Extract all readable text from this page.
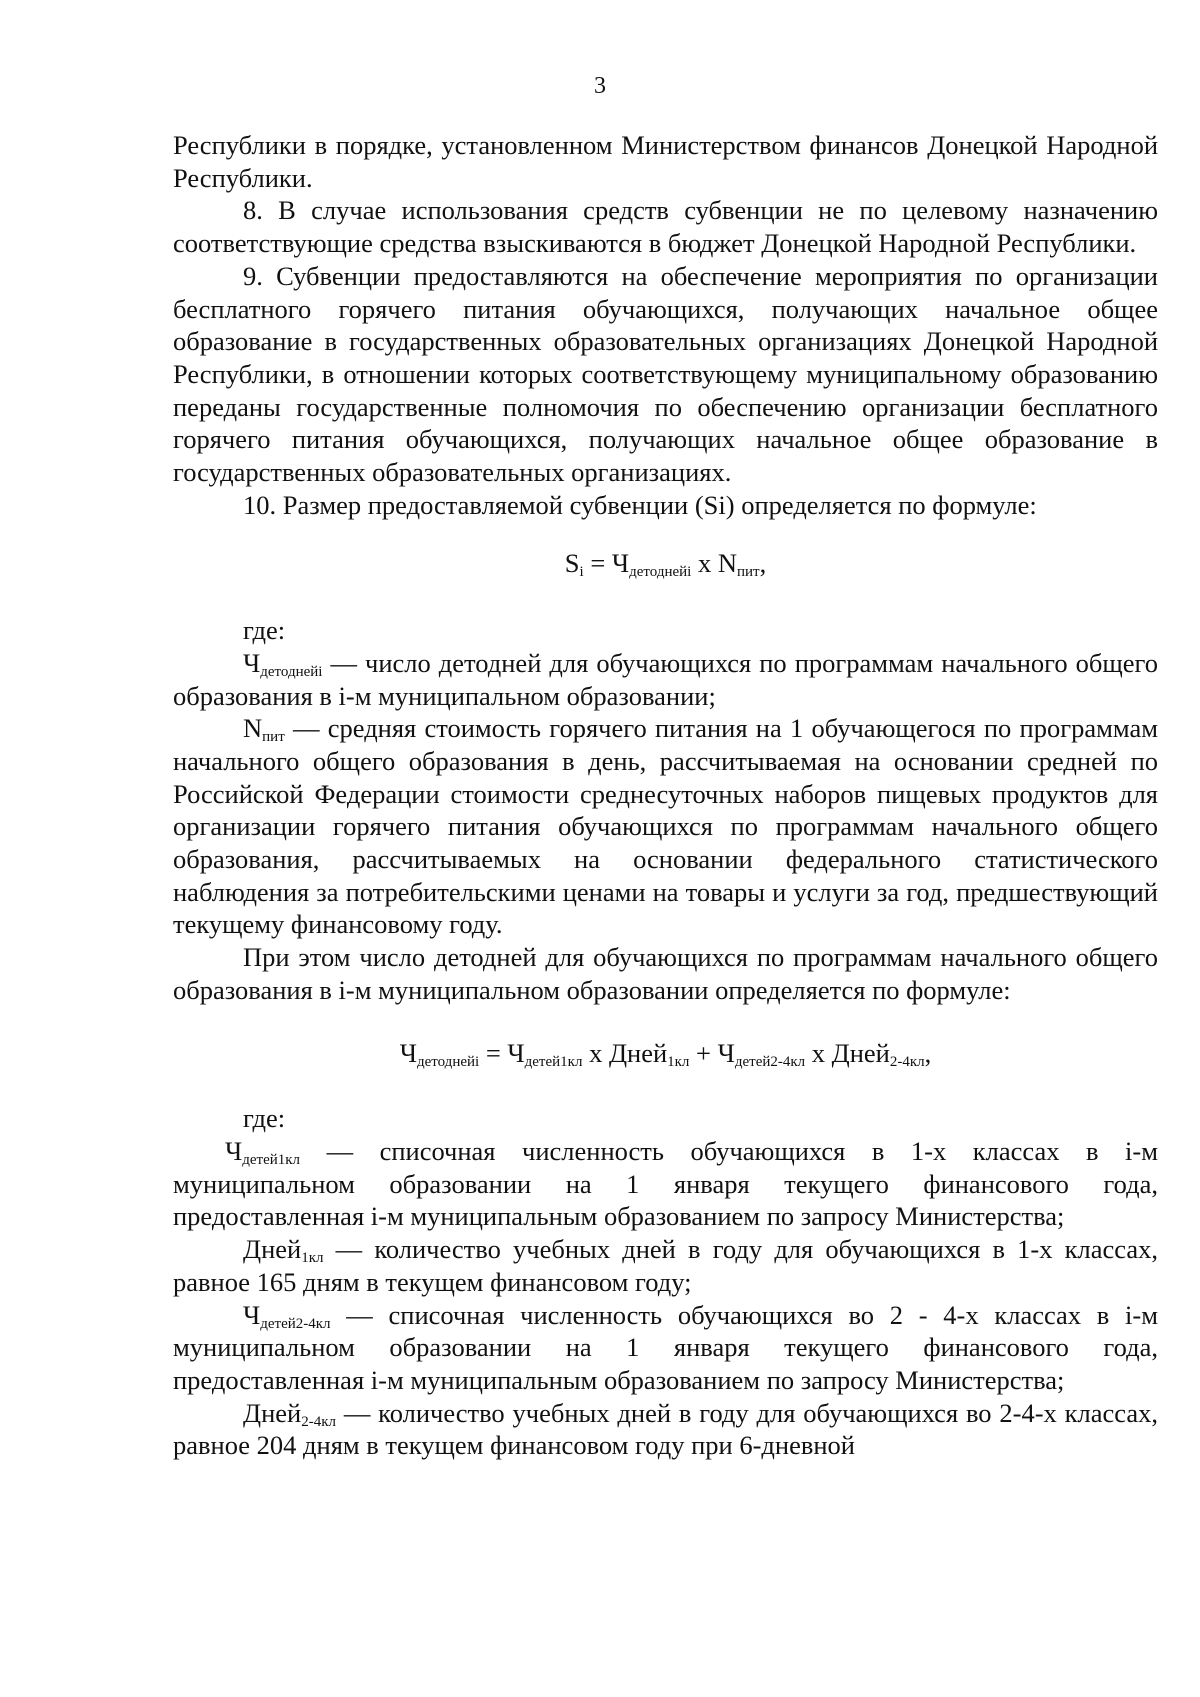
3

Республики в порядке, установленном Министерством финансов Донецкой Народной Республики.

8. В случае использования средств субвенции не по целевому назначению соответствующие средства взыскиваются в бюджет Донецкой Народной Республики.

9. Субвенции предоставляются на обеспечение мероприятия по организации бесплатного горячего питания обучающихся, получающих начальное общее образование в государственных образовательных организациях Донецкой Народной Республики, в отношении которых соответствующему муниципальному образованию переданы государственные полномочия по обеспечению организации бесплатного горячего питания обучающихся, получающих начальное общее образование в государственных образовательных организациях.

10. Размер предоставляемой субвенции (Si) определяется по формуле:

$S_i = Ч_{детоднейi}$ x $N_{пит}$,

где:

$Ч_{детоднейi}$ — число детодней для обучающихся по программам начального общего образования в i-м муниципальном образовании;

$N_{пит}$ — средняя стоимость горячего питания на 1 обучающегося по программам начального общего образования в день, рассчитываемая на основании средней по Российской Федерации стоимости среднесуточных наборов пищевых продуктов для организации горячего питания обучающихся по программам начального общего образования, рассчитываемых на основании федерального статистического наблюдения за потребительскими ценами на товары и услуги за год, предшествующий текущему финансовому году.

При этом число детодней для обучающихся по программам начального общего образования в i-м муниципальном образовании определяется по формуле:

$Ч_{детоднейi} = Ч_{детей1кл}$ x Дней$_{1кл}$ + $Ч_{детей2-4кл}$ x Дней$_{2-4кл}$,

где:

$Ч_{детей1кл}$ — списочная численность обучающихся в 1-х классах в i-м муниципальном образовании на 1 января текущего финансового года, предоставленная i-м муниципальным образованием по запросу Министерства;

Дней$_{1кл}$ — количество учебных дней в году для обучающихся в 1-х классах, равное 165 дням в текущем финансовом году;

$Ч_{детей2-4кл}$ — списочная численность обучающихся во 2 - 4-х классах в i-м муниципальном образовании на 1 января текущего финансового года, предоставленная i-м муниципальным образованием по запросу Министерства;

Дней$_{2-4кл}$ — количество учебных дней в году для обучающихся во 2-4-х классах, равное 204 дням в текущем финансовом году при 6-дневной
